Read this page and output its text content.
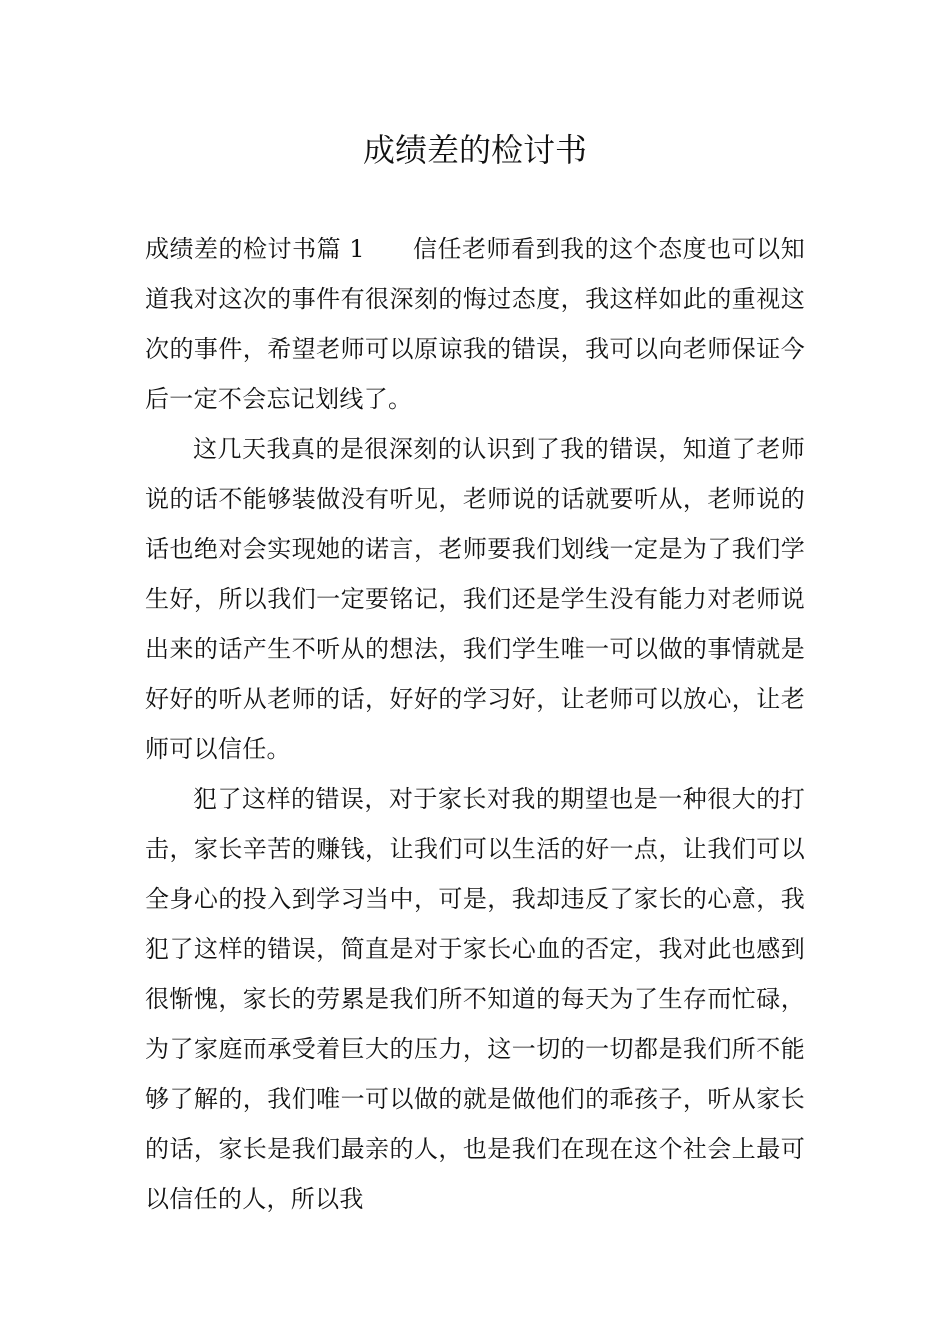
成绩差的检讨书

成绩差的检讨书篇 1 信任老师看到我的这个态度也可以知道我对这次的事件有很深刻的悔过态度，我这样如此的重视这次的事件，希望老师可以原谅我的错误，我可以向老师保证今后一定不会忘记划线了。

这几天我真的是很深刻的认识到了我的错误，知道了老师说的话不能够装做没有听见，老师说的话就要听从，老师说的话也绝对会实现她的诺言，老师要我们划线一定是为了我们学生好，所以我们一定要铭记，我们还是学生没有能力对老师说出来的话产生不听从的想法，我们学生唯一可以做的事情就是好好的听从老师的话，好好的学习好，让老师可以放心，让老师可以信任。

犯了这样的错误，对于家长对我的期望也是一种很大的打击，家长辛苦的赚钱，让我们可以生活的好一点，让我们可以全身心的投入到学习当中，可是，我却违反了家长的心意，我犯了这样的错误，简直是对于家长心血的否定，我对此也感到很惭愧，家长的劳累是我们所不知道的每天为了生存而忙碌，为了家庭而承受着巨大的压力，这一切的一切都是我们所不能够了解的，我们唯一可以做的就是做他们的乖孩子，听从家长的话，家长是我们最亲的人，也是我们在现在这个社会上最可以信任的人，所以我
